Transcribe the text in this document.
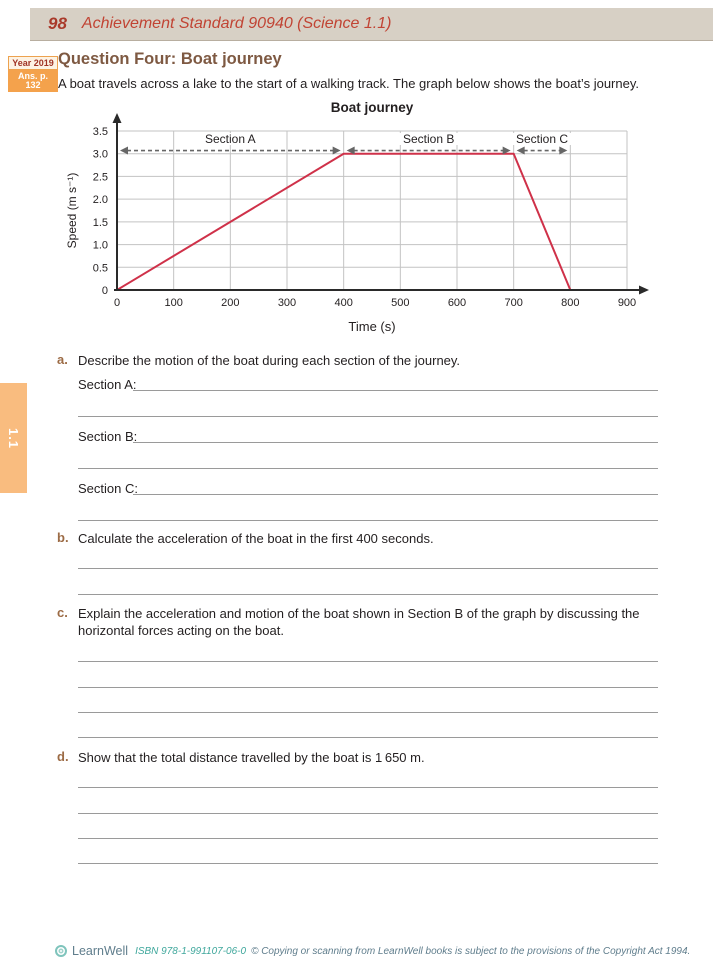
98 Achievement Standard 90940 (Science 1.1)
Year 2019
Ans. p. 132
Question Four: Boat journey

A boat travels across a lake to the start of a walking track. The graph below shows the boat’s journey.

Section A	Section B	Section C
0
0.5
1.0
1.5
2.0
2.5
3.0
3.5
0	100	200	300	400	500	600	700	800	900
Boat journey
Time (s)
Speed (m s⁻¹)
1.1
a. Describe the motion of the boat during each section of the journey.
Section A:
Section B:
Section C:
b. Calculate the acceleration of the boat in the first 400 seconds.
c. Explain the acceleration and motion of the boat shown in Section B of the graph by discussing the horizontal forces acting on the boat.
d. Show that the total distance travelled by the boat is 1 650 m.
LearnWell ISBN 978-1-991107-06-0 © Copying or scanning from LearnWell books is subject to the provisions of the Copyright Act 1994.
